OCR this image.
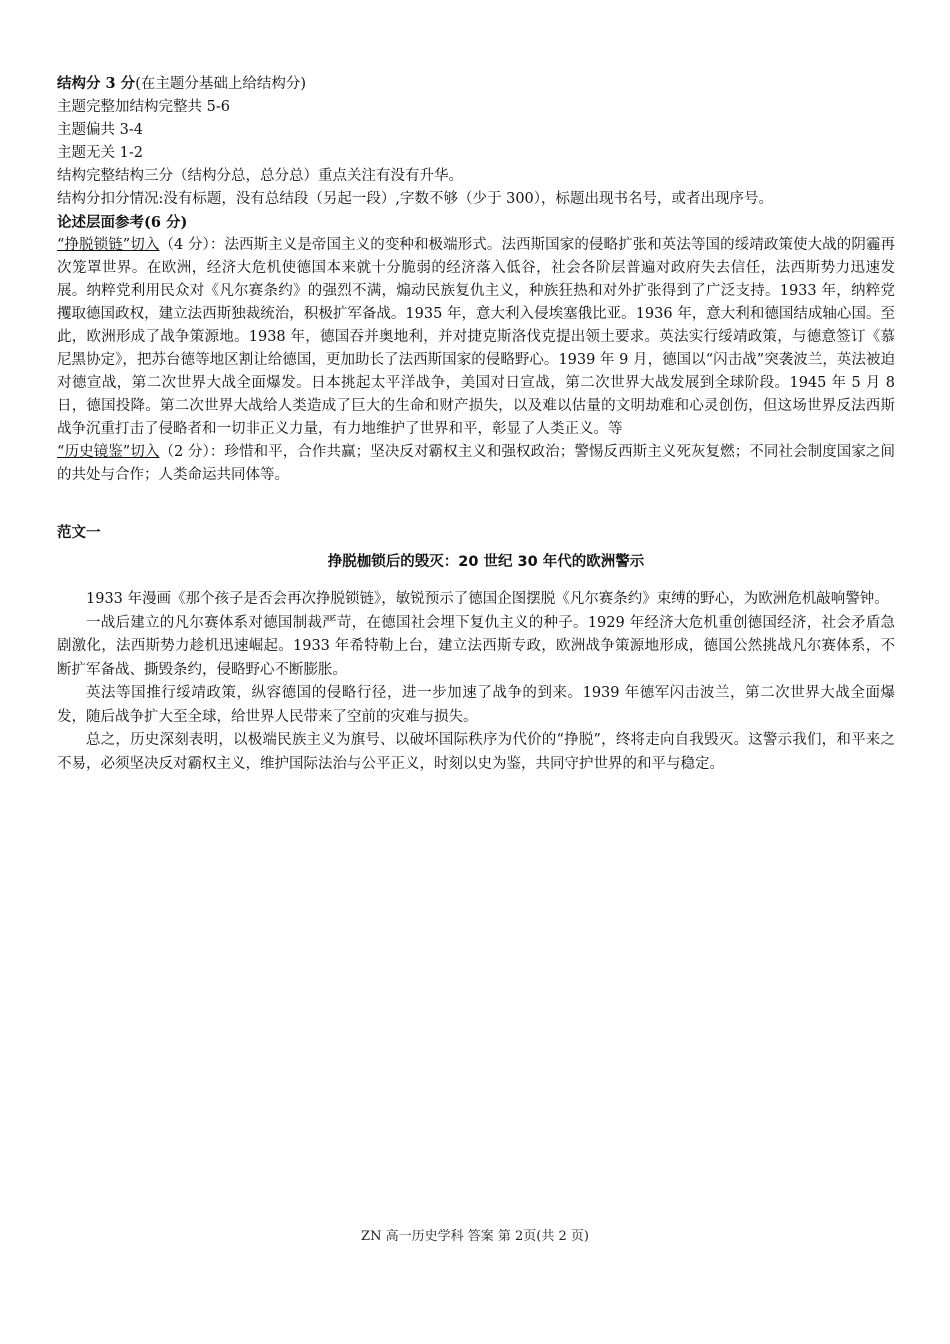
结构分 3 分(在主题分基础上给结构分)

主题完整加结构完整共 5-6

主题偏共 3-4

主题无关 1-2

结构完整结构三分（结构分总，总分总）重点关注有没有升华。

结构分扣分情况:没有标题，没有总结段（另起一段）,字数不够（少于 300），标题出现书名号，或者出现序号。

论述层面参考(6 分)

“挣脱锁链”切入（4 分）：法西斯主义是帝国主义的变种和极端形式。法西斯国家的侵略扩张和英法等国的绥靖政策使大战的阴霾再次笼罩世界。在欧洲，经济大危机使德国本来就十分脆弱的经济落入低谷，社会各阶层普遍对政府失去信任，法西斯势力迅速发展。纳粹党利用民众对《凡尔赛条约》的强烈不满，煽动民族复仇主义，种族狂热和对外扩张得到了广泛支持。1933 年，纳粹党攫取德国政权，建立法西斯独裁统治，积极扩军备战。1935 年，意大利入侵埃塞俄比亚。1936 年，意大利和德国结成轴心国。至此，欧洲形成了战争策源地。1938 年，德国吞并奥地利，并对捷克斯洛伐克提出领土要求。英法实行绥靖政策，与德意签订《慕尼黑协定》，把苏台德等地区割让给德国，更加助长了法西斯国家的侵略野心。1939 年 9 月，德国以“闪击战”突袭波兰，英法被迫对德宣战，第二次世界大战全面爆发。日本挑起太平洋战争，美国对日宣战，第二次世界大战发展到全球阶段。1945 年 5 月 8 日，德国投降。第二次世界大战给人类造成了巨大的生命和财产损失，以及难以估量的文明劫难和心灵创伤，但这场世界反法西斯战争沉重打击了侵略者和一切非正义力量，有力地维护了世界和平，彰显了人类正义。等

“历史镜鉴”切入（2 分）：珍惜和平，合作共赢；坚决反对霸权主义和强权政治；警惕反西斯主义死灰复燃；不同社会制度国家之间的共处与合作；人类命运共同体等。

范文一

挣脱枷锁后的毁灭：20 世纪 30 年代的欧洲警示

1933 年漫画《那个孩子是否会再次挣脱锁链》，敏锐预示了德国企图摆脱《凡尔赛条约》束缚的野心，为欧洲危机敲响警钟。

一战后建立的凡尔赛体系对德国制裁严苛，在德国社会埋下复仇主义的种子。1929 年经济大危机重创德国经济，社会矛盾急剧激化，法西斯势力趁机迅速崛起。1933 年希特勒上台，建立法西斯专政，欧洲战争策源地形成，德国公然挑战凡尔赛体系，不断扩军备战、撕毁条约，侵略野心不断膨胀。

英法等国推行绥靖政策，纵容德国的侵略行径，进一步加速了战争的到来。1939 年德军闪击波兰，第二次世界大战全面爆发，随后战争扩大至全球，给世界人民带来了空前的灾难与损失。

总之，历史深刻表明，以极端民族主义为旗号、以破坏国际秩序为代价的“挣脱”，终将走向自我毁灭。这警示我们，和平来之不易，必须坚决反对霸权主义，维护国际法治与公平正义，时刻以史为鉴，共同守护世界的和平与稳定。

ZN 高一历史学科 答案 第 2页(共 2 页)
